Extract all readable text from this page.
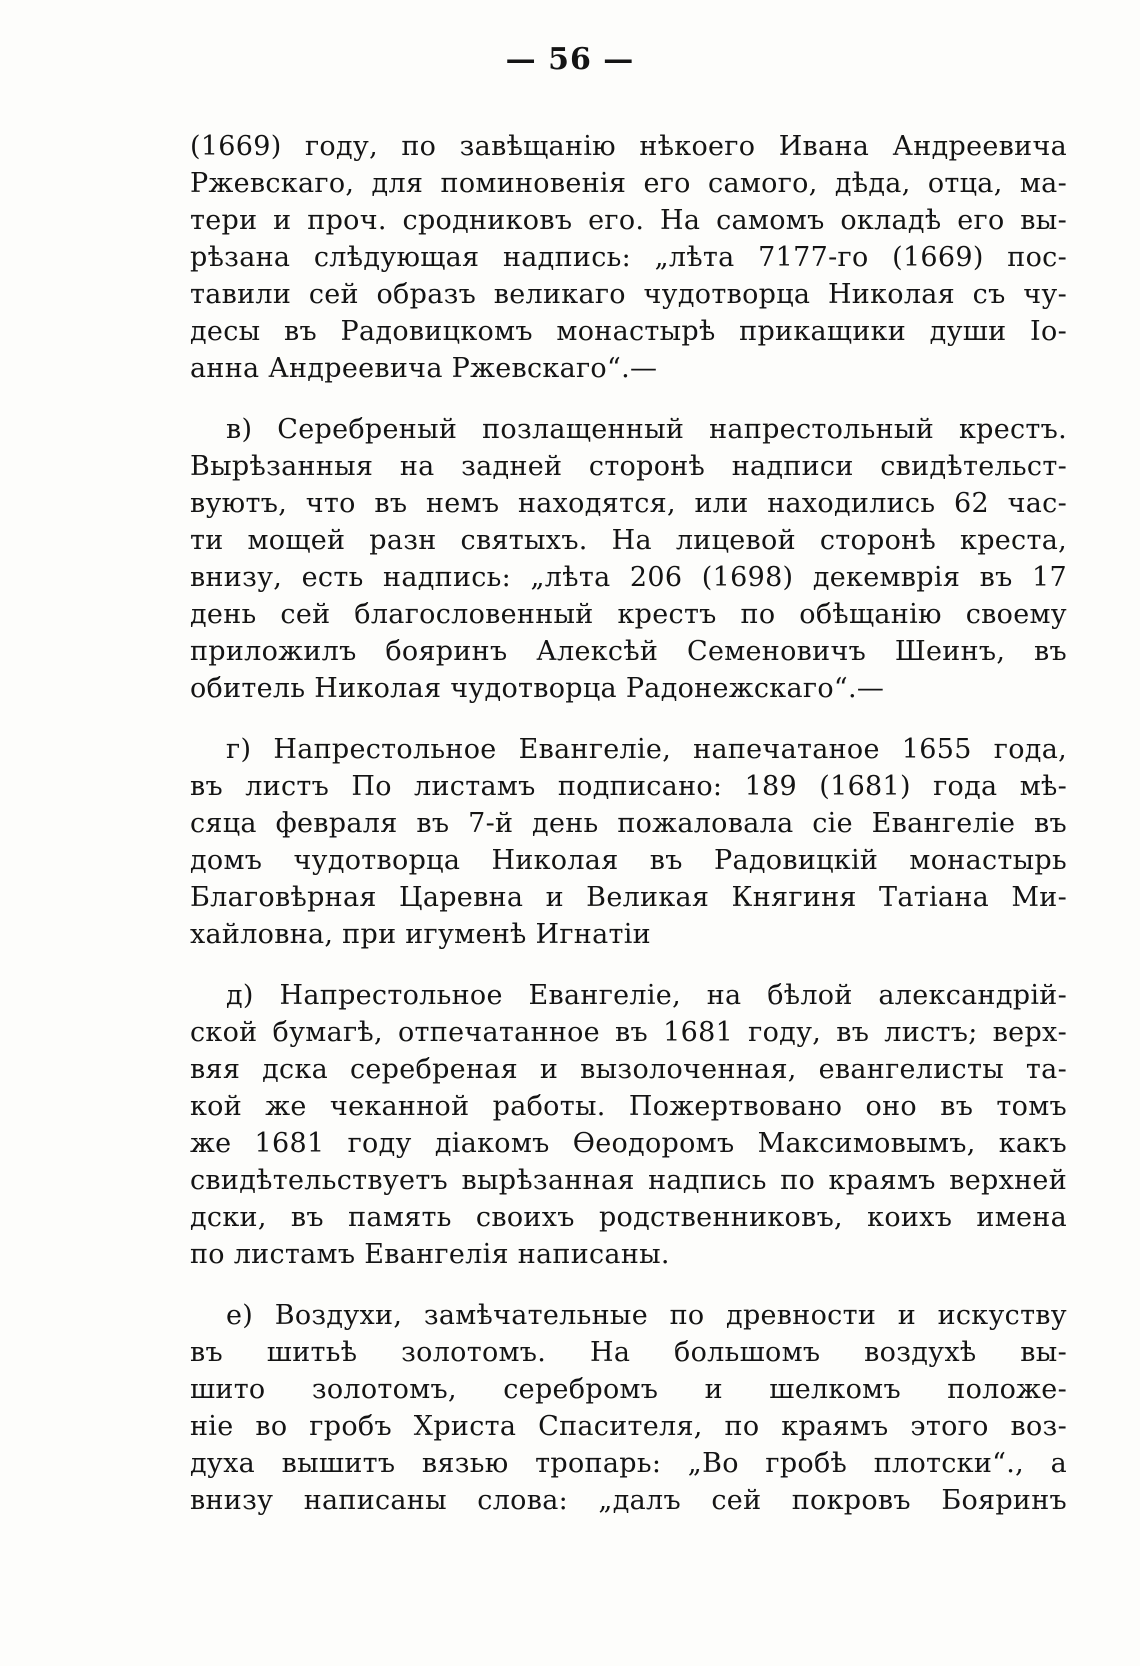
— 56 —
(1669) году, по завѣщанію нѣкоего Ивана Андреевича
Ржевскаго, для поминовенія его самого, дѣда, отца, ма-
тери и проч. сродниковъ его. На самомъ окладѣ его вы-
рѣзана слѣдующая надпись: „лѣта 7177-го (1669) пос-
тавили сей образъ великаго чудотворца Николая съ чу-
десы въ Радовицкомъ монастырѣ прикащики души Іо-
анна Андреевича Ржевскаго“.—
в) Серебреный позлащенный напрестольный крестъ.
Вырѣзанныя на задней сторонѣ надписи свидѣтельст-
вуютъ, что въ немъ находятся, или находились 62 час-
ти мощей разн святыхъ. На лицевой сторонѣ креста,
внизу, есть надпись: „лѣта 206 (1698) декемврія въ 17
день сей благословенный крестъ по обѣщанію своему
приложилъ бояринъ Алексѣй Семеновичъ Шеинъ, въ
обитель Николая чудотворца Радонежскаго“.—
г) Напрестольное Евангеліе, напечатаное 1655 года,
въ листъ По листамъ подписано: 189 (1681) года мѣ-
сяца февраля въ 7-й день пожаловала сіе Евангеліе въ
домъ чудотворца Николая въ Радовицкій монастырь
Благовѣрная Царевна и Великая Княгиня Татіана Ми-
хайловна, при игуменѣ Игнатіи
д) Напрестольное Евангеліе, на бѣлой александрій-
ской бумагѣ, отпечатанное въ 1681 году, въ листъ; верх-
вяя дска серебреная и вызолоченная, евангелисты та-
кой же чеканной работы. Пожертвовано оно въ томъ
же 1681 году діакомъ Ѳеодоромъ Максимовымъ, какъ
свидѣтельствуетъ вырѣзанная надпись по краямъ верхней
дски, въ память своихъ родственниковъ, коихъ имена
по листамъ Евангелія написаны.
е) Воздухи, замѣчательные по древности и искуству
въ шитьѣ золотомъ. На большомъ воздухѣ вы-
шито золотомъ, серебромъ и шелкомъ положе-
ніе во гробъ Христа Спасителя, по краямъ этого воз-
духа вышитъ вязью тропарь: „Во гробѣ плотски“., а
внизу написаны слова: „далъ сей покровъ Бояринъ
